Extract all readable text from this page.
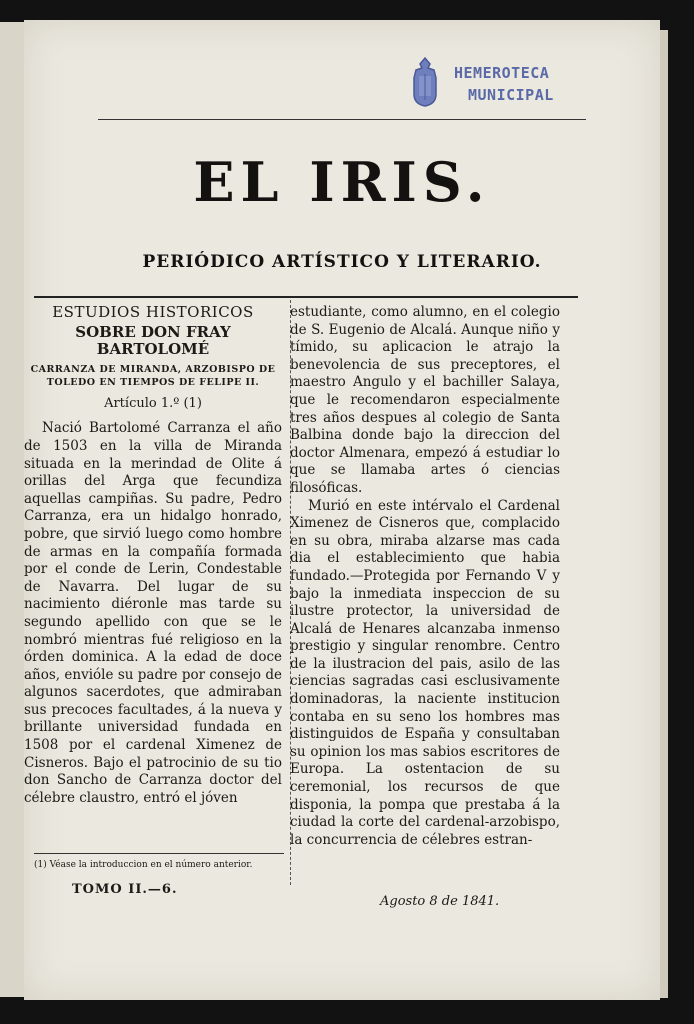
HEMEROTECA
MUNICIPAL
EL IRIS.
PERIÓDICO ARTÍSTICO Y LITERARIO.
ESTUDIOS HISTORICOS
SOBRE DON FRAY BARTOLOMÉ
CARRANZA DE MIRANDA, ARZOBISPO DE TOLEDO EN TIEMPOS DE FELIPE II.
Artículo 1.º (1)

Nació Bartolomé Carranza el año de 1503 en la villa de Miranda situada en la merindad de Olite á orillas del Arga que fecundiza aquellas campiñas. Su padre, Pedro Carranza, era un hidalgo honrado, pobre, que sirvió luego como hombre de armas en la compañía formada por el conde de Lerin, Condestable de Navarra. Del lugar de su nacimiento diéronle mas tarde su segundo apellido con que se le nombró mientras fué religioso en la órden dominica. A la edad de doce años, envióle su padre por consejo de algunos sacerdotes, que admiraban sus precoces facultades, á la nueva y brillante universidad fundada en 1508 por el cardenal Ximenez de Cisneros. Bajo el patrocinio de su tio don Sancho de Carranza doctor del célebre claustro, entró el jóven

estudiante, como alumno, en el colegio de S. Eugenio de Alcalá. Aunque niño y tímido, su aplicacion le atrajo la benevolencia de sus preceptores, el maestro Angulo y el bachiller Salaya, que le recomendaron especialmente tres años despues al colegio de Santa Balbina donde bajo la direccion del doctor Almenara, empezó á estudiar lo que se llamaba artes ó ciencias filosóficas.

Murió en este intérvalo el Cardenal Ximenez de Cisneros que, complacido en su obra, miraba alzarse mas cada dia el establecimiento que habia fundado.—Protegida por Fernando V y bajo la inmediata inspeccion de su ilustre protector, la universidad de Alcalá de Henares alcanzaba inmenso prestigio y singular renombre. Centro de la ilustracion del pais, asilo de las ciencias sagradas casi esclusivamente dominadoras, la naciente institucion contaba en su seno los hombres mas distinguidos de España y consultaban su opinion los mas sabios escritores de Europa. La ostentacion de su ceremonial, los recursos de que disponia, la pompa que prestaba á la ciudad la corte del cardenal-arzobispo, la concurrencia de célebres estran-

(1) Véase la introduccion en el número anterior.
TOMO II.—6.
Agosto 8 de 1841.
